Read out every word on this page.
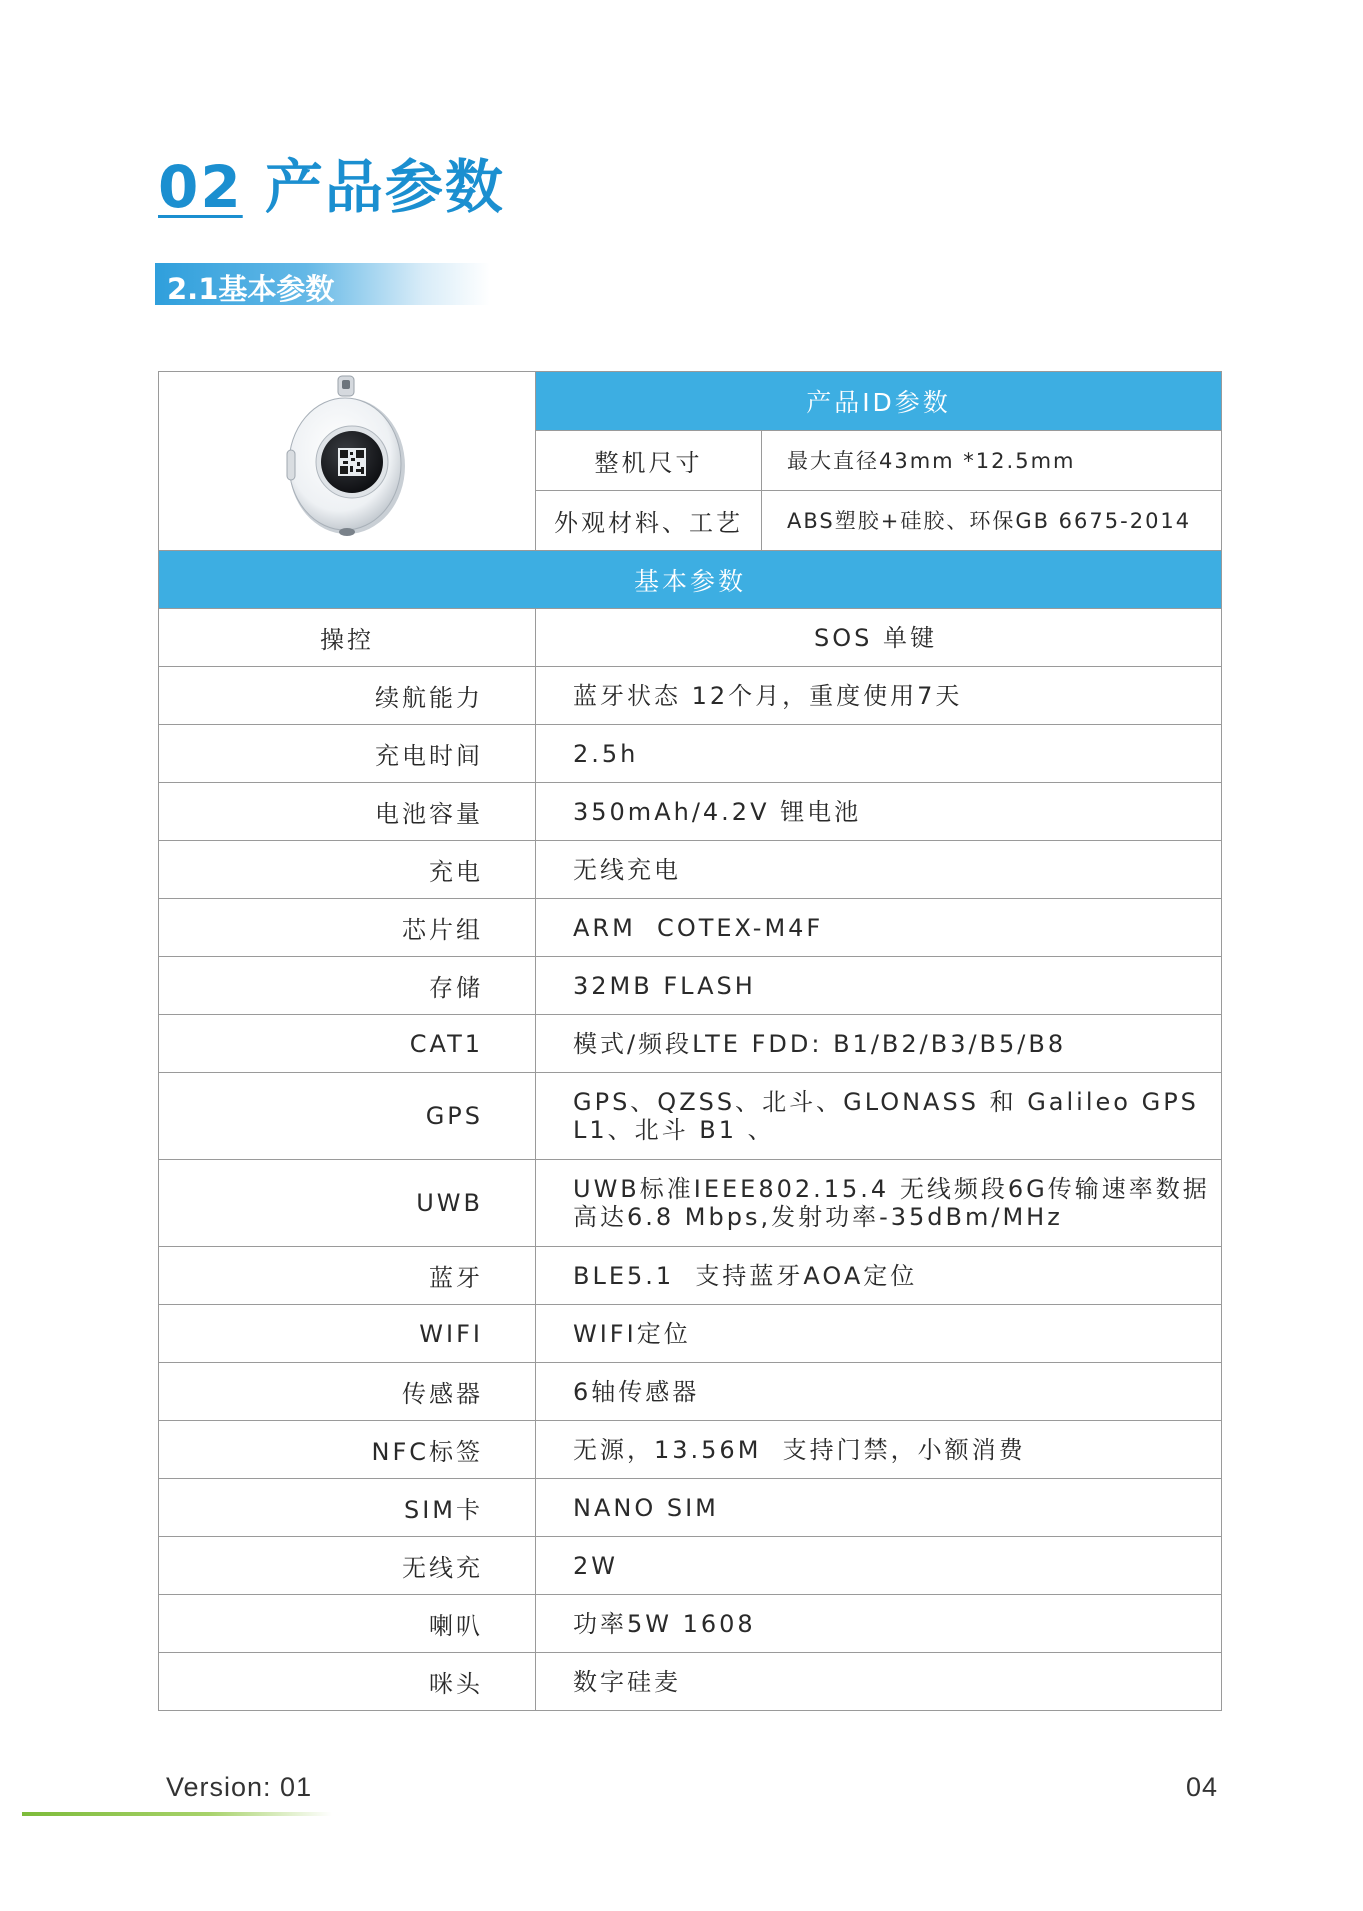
02 产品参数
2.1基本参数
	产品ID参数	
	整机尺寸	最大直径43mm *12.5mm
	外观材料、工艺	ABS塑胶+硅胶、环保GB 6675-2014
基本参数		
操控	SOS 单键	
续航能力	蓝牙状态 12个月，重度使用7天	
充电时间	2.5h	
电池容量	350mAh/4.2V 锂电池	
充电	无线充电	
芯片组	ARM  COTEX-M4F	
存储	32MB FLASH	
CAT1	模式/频段LTE FDD: B1/B2/B3/B5/B8	
GPS	GPS、QZSS、北斗、GLONASS 和 Galileo GPS L1、北斗 B1 、	
UWB	UWB标准IEEE802.15.4 无线频段6G传输速率数据高达6.8 Mbps,发射功率-35dBm/MHz	
蓝牙	BLE5.1  支持蓝牙AOA定位	
WIFI	WIFI定位	
传感器	6轴传感器	
NFC标签	无源，13.56M  支持门禁，小额消费	
SIM卡	NANO SIM	
无线充	2W	
喇叭	功率5W 1608	
咪头	数字硅麦	
Version: 01	04
